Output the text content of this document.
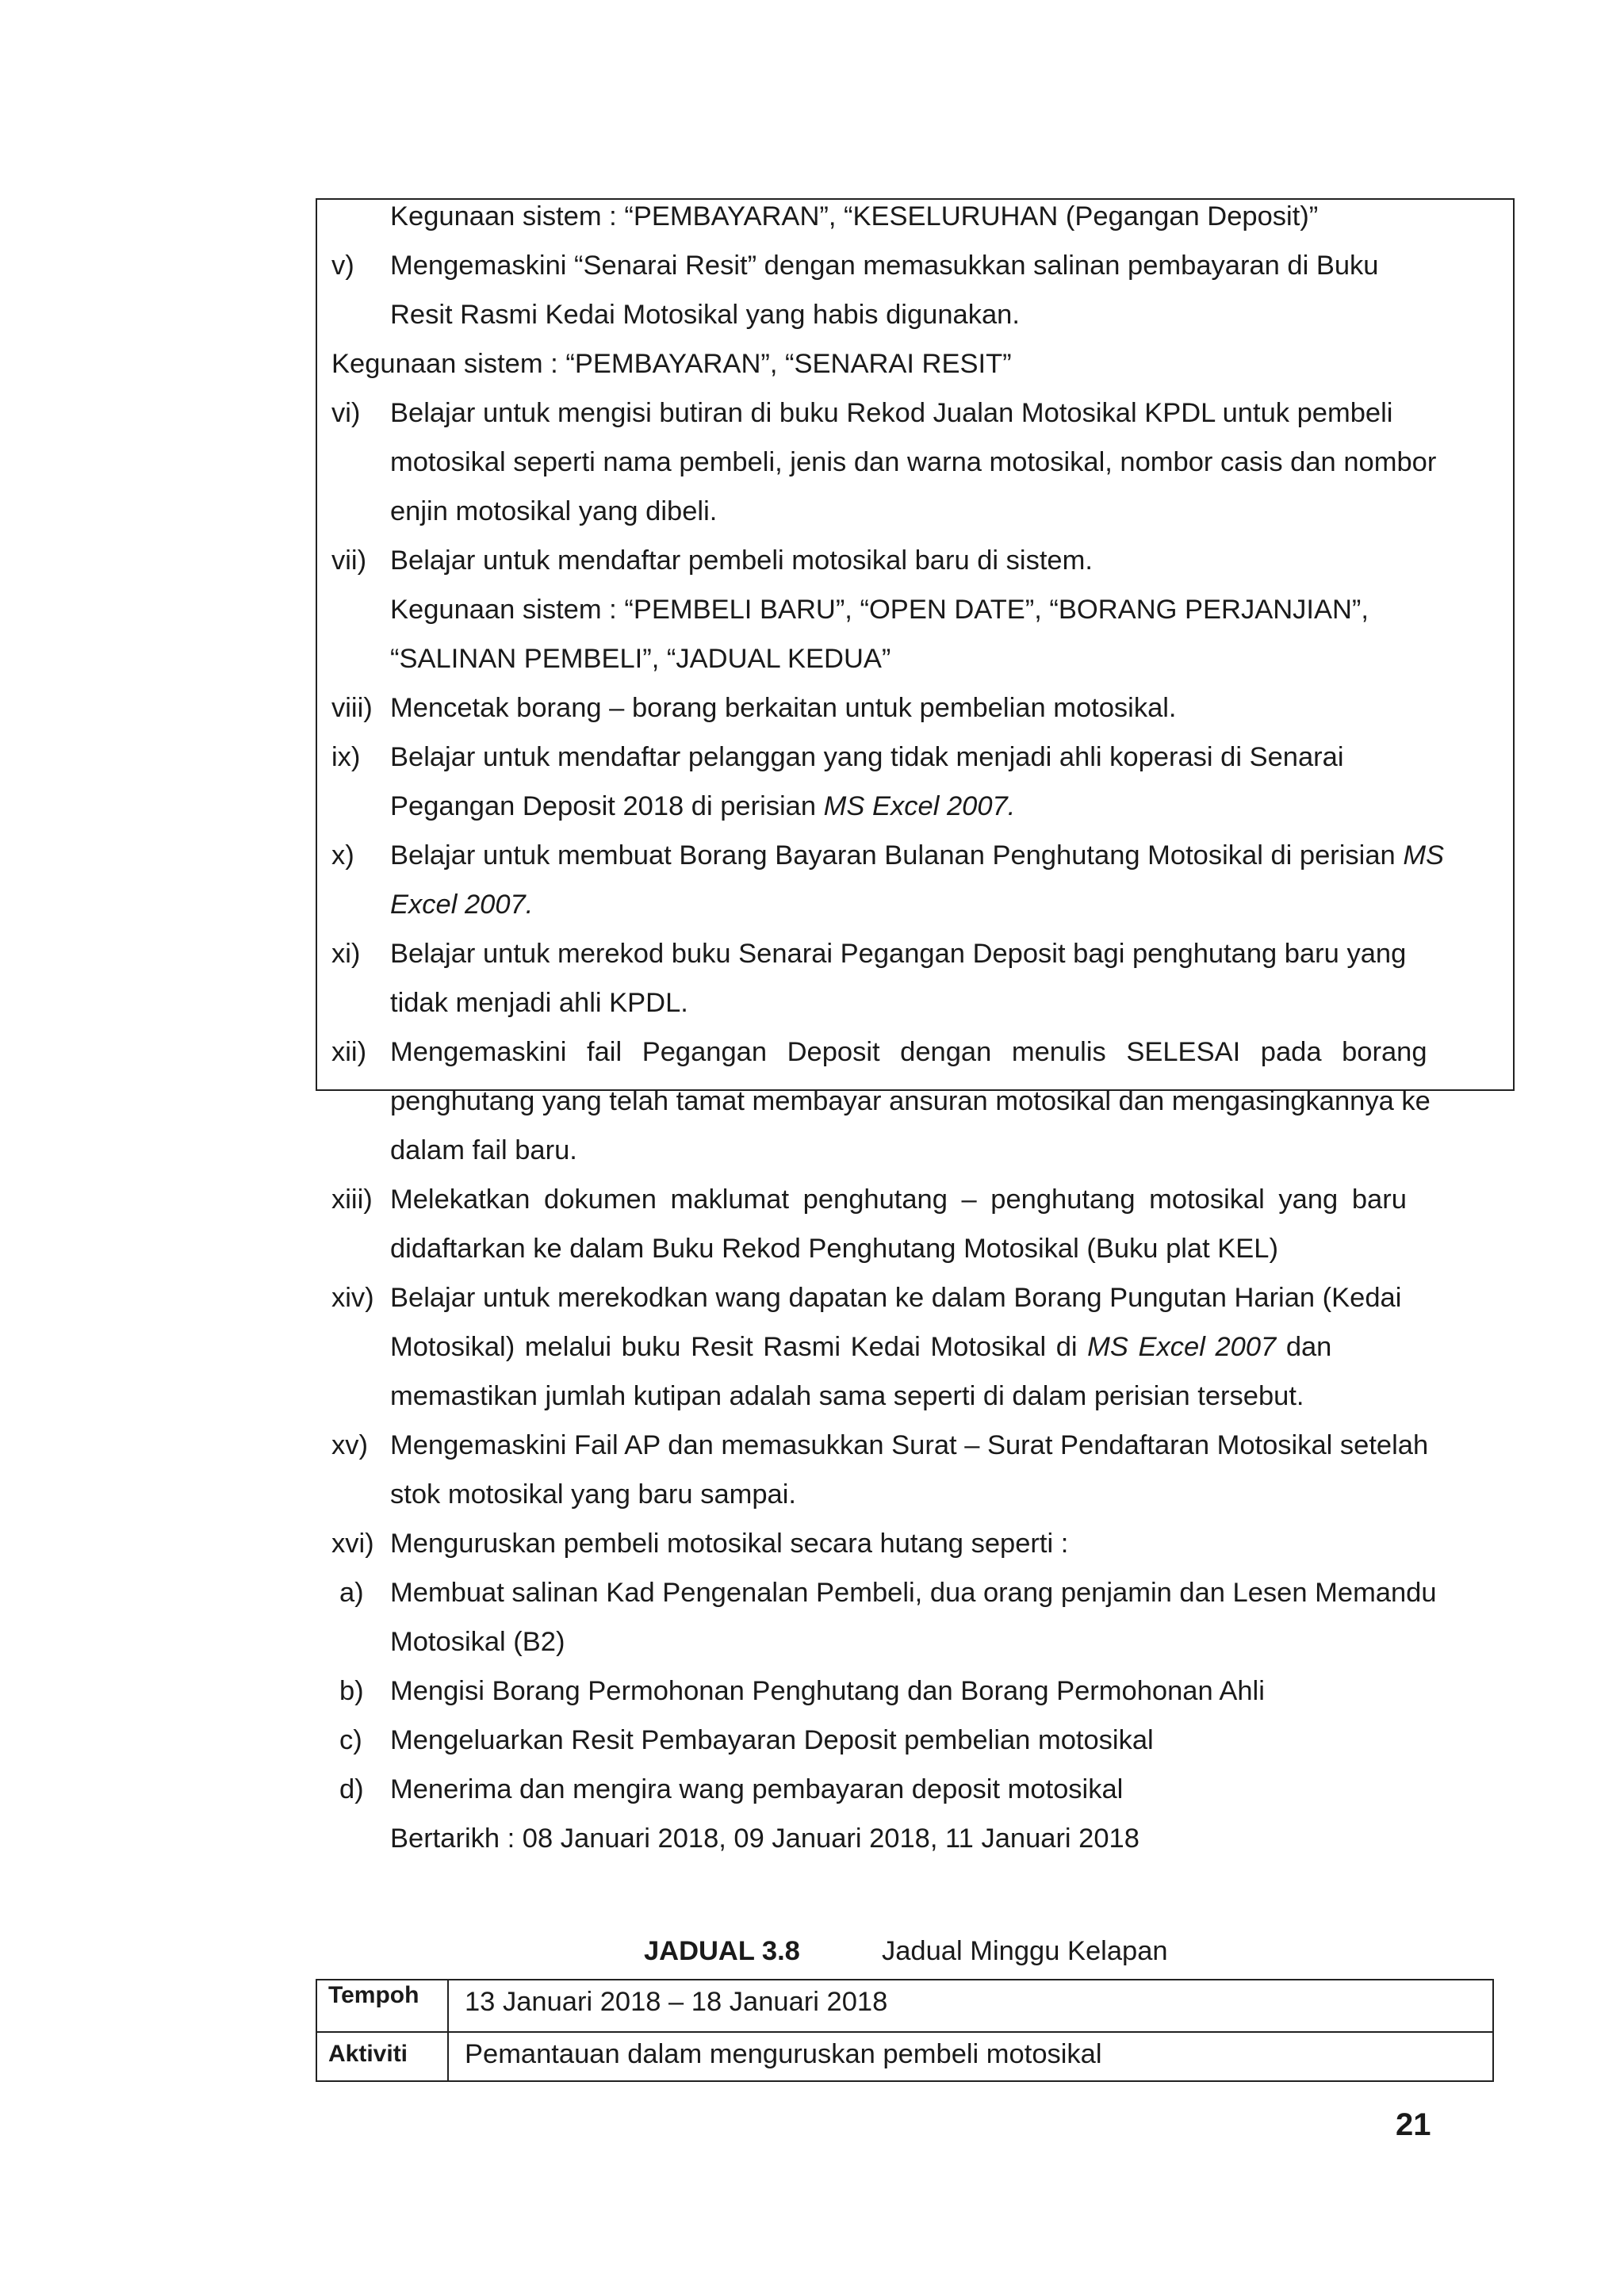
Kegunaan sistem : “PEMBAYARAN”, “KESELURUHAN (Pegangan Deposit)”
v) Mengemaskini “Senarai Resit” dengan memasukkan salinan pembayaran di Buku
Resit Rasmi Kedai Motosikal yang habis digunakan.
Kegunaan sistem : “PEMBAYARAN”, “SENARAI RESIT”
vi) Belajar untuk mengisi butiran di buku Rekod Jualan Motosikal KPDL untuk pembeli
motosikal seperti nama pembeli, jenis dan warna motosikal, nombor casis dan nombor
enjin motosikal yang dibeli.
vii) Belajar untuk mendaftar pembeli motosikal baru di sistem.
Kegunaan sistem : “PEMBELI BARU”, “OPEN DATE”, “BORANG PERJANJIAN”,
“SALINAN PEMBELI”, “JADUAL KEDUA”
viii) Mencetak borang – borang berkaitan untuk pembelian motosikal.
ix) Belajar untuk mendaftar pelanggan yang tidak menjadi ahli koperasi di Senarai
Pegangan Deposit 2018 di perisian MS Excel 2007.
x) Belajar untuk membuat Borang Bayaran Bulanan Penghutang Motosikal di perisian MS
Excel 2007.
xi) Belajar untuk merekod buku Senarai Pegangan Deposit bagi penghutang baru yang
tidak menjadi ahli KPDL.
xii) Mengemaskini fail Pegangan Deposit dengan menulis SELESAI pada borang
penghutang yang telah tamat membayar ansuran motosikal dan mengasingkannya ke
dalam fail baru.
xiii) Melekatkan dokumen maklumat penghutang – penghutang motosikal yang baru
didaftarkan ke dalam Buku Rekod Penghutang Motosikal (Buku plat KEL)
xiv) Belajar untuk merekodkan wang dapatan ke dalam Borang Pungutan Harian (Kedai
Motosikal) melalui buku Resit Rasmi Kedai Motosikal di MS Excel 2007 dan
memastikan jumlah kutipan adalah sama seperti di dalam perisian tersebut.
xv) Mengemaskini Fail AP dan memasukkan Surat – Surat Pendaftaran Motosikal setelah
stok motosikal yang baru sampai.
xvi) Menguruskan pembeli motosikal secara hutang seperti :
a) Membuat salinan Kad Pengenalan Pembeli, dua orang penjamin dan Lesen Memandu
Motosikal (B2)
b) Mengisi Borang Permohonan Penghutang dan Borang Permohonan Ahli
c) Mengeluarkan Resit Pembayaran Deposit pembelian motosikal
d) Menerima dan mengira wang pembayaran deposit motosikal
Bertarikh : 08 Januari 2018, 09 Januari 2018, 11 Januari 2018
JADUAL 3.8	Jadual Minggu Kelapan
Tempoh 13 Januari 2018 – 18 Januari 2018
Aktiviti Pemantauan dalam menguruskan pembeli motosikal
21
